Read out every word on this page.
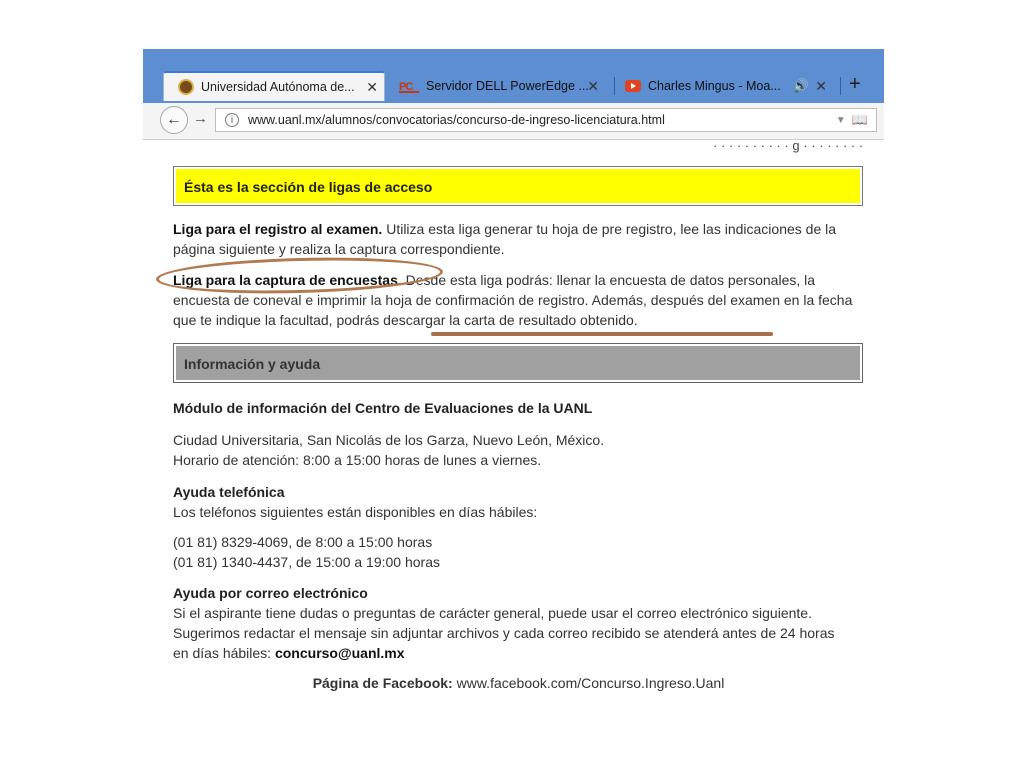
Universidad Autónoma de... ✕ PC	Servidor DELL PowerEdge ...
✕	Charles Mingus - Moa... 🔊 ✕ +
← →	i	www.uanl.mx/alumnos/convocatorias/concurso-de-ingreso-licenciatura.html	▼ 📖
· · · · · · · · · · g · · · · · · · ·
Ésta es la sección de ligas de acceso
Liga para el registro al examen. Utiliza esta liga generar tu hoja de pre registro, lee las indicaciones de la página siguiente y realiza la captura correspondiente.
Liga para la captura de encuestas. Desde esta liga podrás: llenar la encuesta de datos personales, la encuesta de coneval e imprimir la hoja de confirmación de registro. Además, después del examen en la fecha que te indique la facultad, podrás descargar la carta de resultado obtenido.
Información y ayuda
Módulo de información del Centro de Evaluaciones de la UANL
Ciudad Universitaria, San Nicolás de los Garza, Nuevo León, México.
Horario de atención: 8:00 a 15:00 horas de lunes a viernes.
Ayuda telefónica
Los teléfonos siguientes están disponibles en días hábiles:
(01 81) 8329-4069, de 8:00 a 15:00 horas
(01 81) 1340-4437, de 15:00 a 19:00 horas
Ayuda por correo electrónico
Si el aspirante tiene dudas o preguntas de carácter general, puede usar el correo electrónico siguiente. Sugerimos redactar el mensaje sin adjuntar archivos y cada correo recibido se atenderá antes de 24 horas en días hábiles: concurso@uanl.mx
Página de Facebook: www.facebook.com/Concurso.Ingreso.Uanl
